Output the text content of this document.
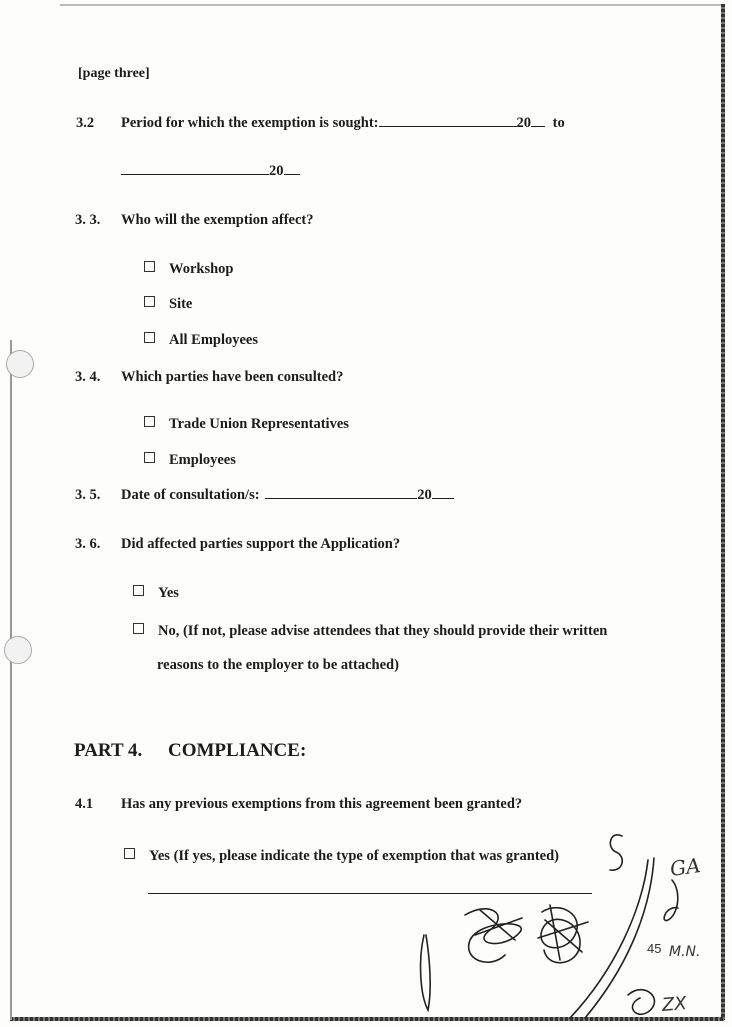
[page three]
3.2 Period for which the exemption is sought:	20 to
20
3. 3. Who will the exemption affect?
Workshop
Site
All Employees
3. 4. Which parties have been consulted?
Trade Union Representatives
Employees
3. 5. Date of consultation/s:	20
3. 6. Did affected parties support the Application?
Yes
No, (If not, please advise attendees that they should provide their written
reasons to the employer to be attached)
PART 4. COMPLIANCE:
4.1 Has any previous exemptions from this agreement been granted?
Yes (If yes, please indicate the type of exemption that was granted)
45
GA
M.N.
ZX
